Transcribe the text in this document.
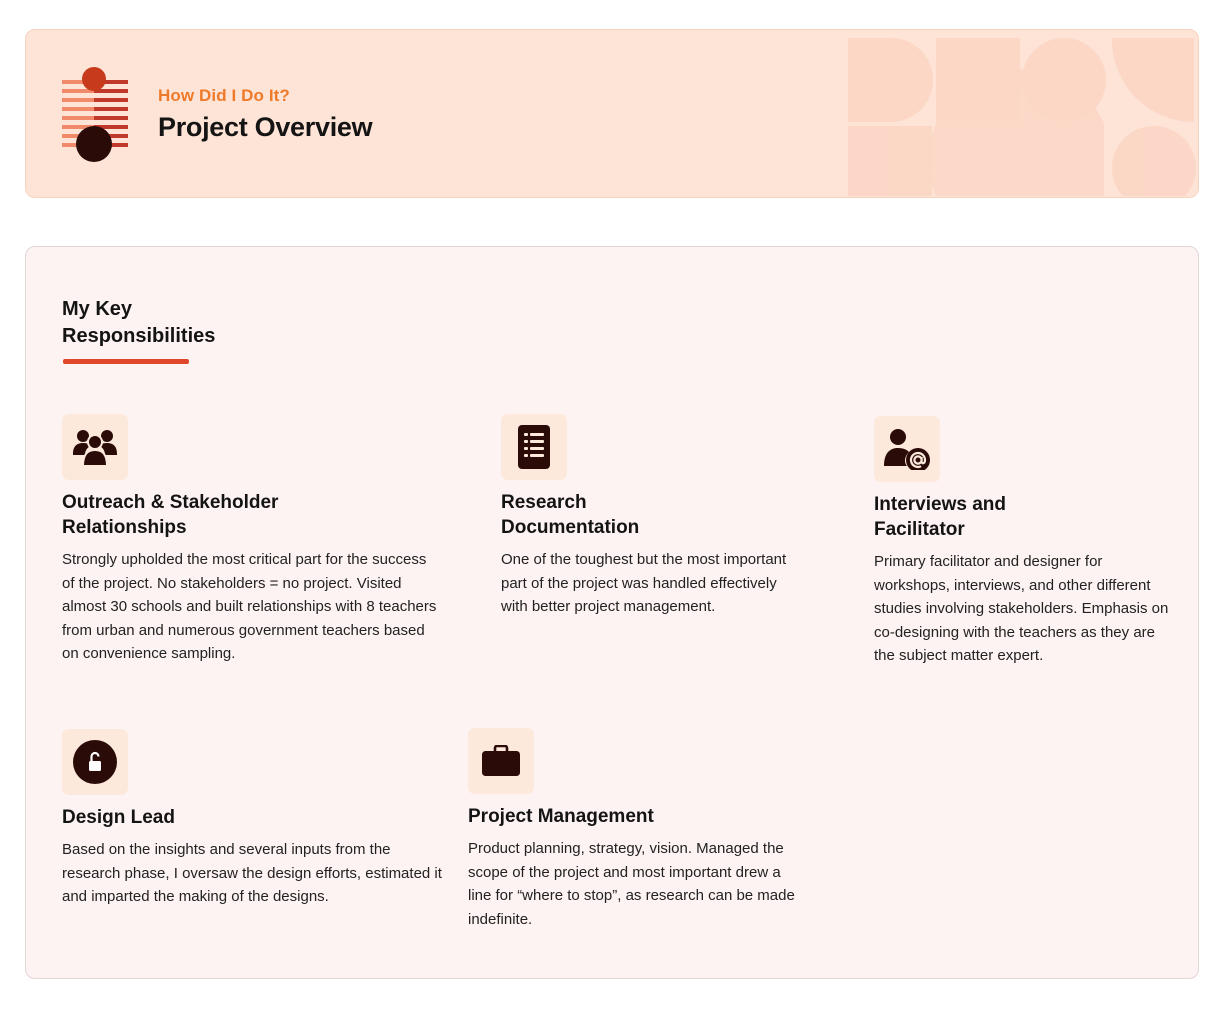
How Did I Do It?
Project Overview
My Key
Responsibilities
Outreach & Stakeholder
Relationships
Strongly upholded the most critical part for the success of the project. No stakeholders = no project. Visited almost 30 schools and built relationships with 8 teachers from urban and numerous government teachers based on convenience sampling.
Research
Documentation
One of the toughest but the most important part of the project was handled effectively with better project management.
Interviews and
Facilitator
Primary facilitator and designer for workshops, interviews, and other different studies involving stakeholders. Emphasis on co-designing with the teachers as they are the subject matter expert.
Design Lead
Based on the insights and several inputs from the research phase, I oversaw the design efforts, estimated it and imparted the making of the designs.
Project Management
Product planning, strategy, vision. Managed the scope of the project and most important drew a line for “where to stop”, as research can be made indefinite.
